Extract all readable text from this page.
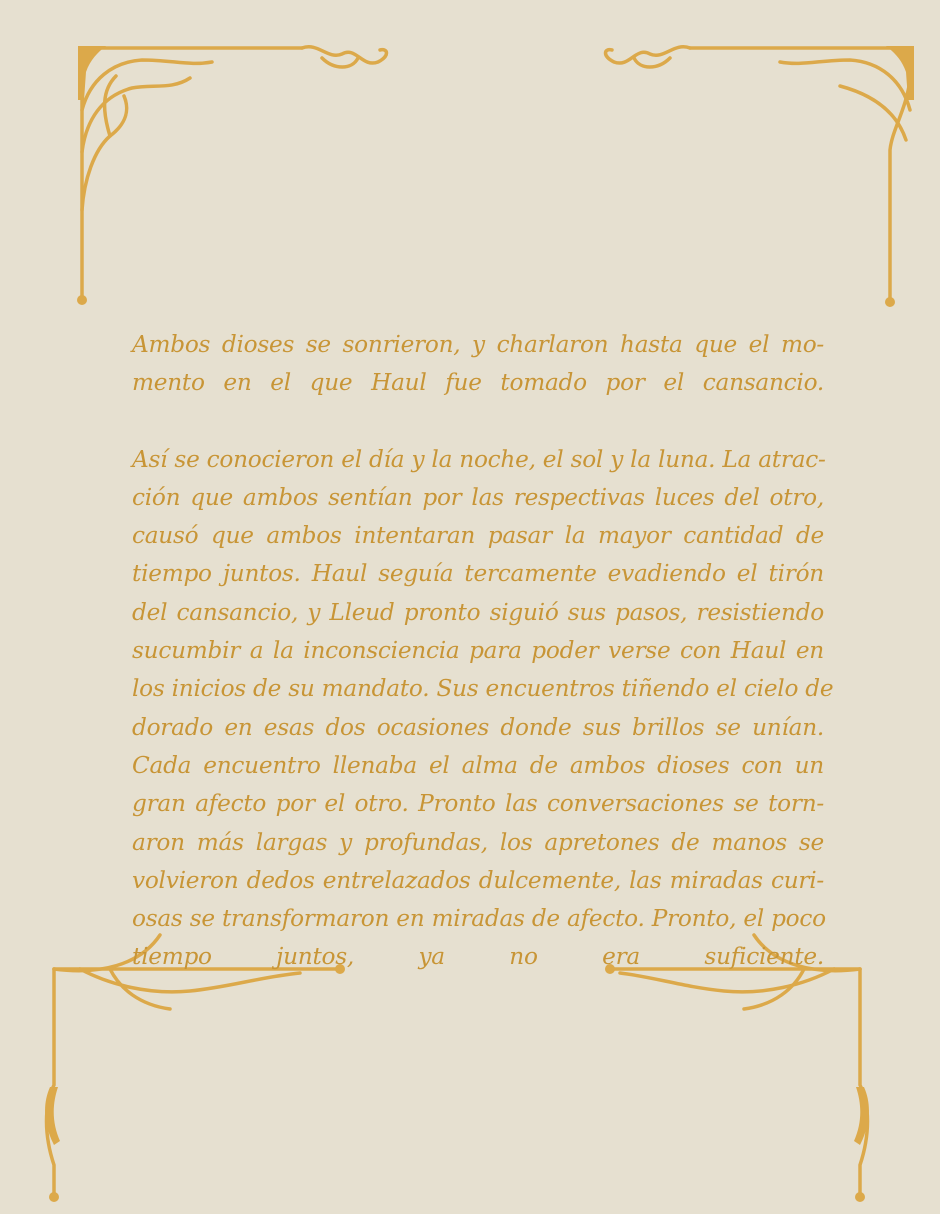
Ambos dioses se sonrieron, y charlaron hasta que el mo-
mento en el que Haul fue tomado por el cansancio.

Así se conocieron el día y la noche, el sol y la luna. La atrac-
ción que ambos sentían por las respectivas luces del otro,
causó que ambos intentaran pasar la mayor cantidad de
tiempo juntos. Haul seguía tercamente evadiendo el tirón
del cansancio, y Lleud pronto siguió sus pasos, resistiendo
sucumbir a la inconsciencia para poder verse con Haul en
los inicios de su mandato. Sus encuentros tiñendo el cielo de
dorado en esas dos ocasiones donde sus brillos se unían.
Cada encuentro llenaba el alma de ambos dioses con un
gran afecto por el otro. Pronto las conversaciones se torn-
aron más largas y profundas, los apretones de manos se
volvieron dedos entrelazados dulcemente, las miradas curi-
osas se transformaron en miradas de afecto. Pronto, el poco
tiempo juntos, ya no era suficiente.
